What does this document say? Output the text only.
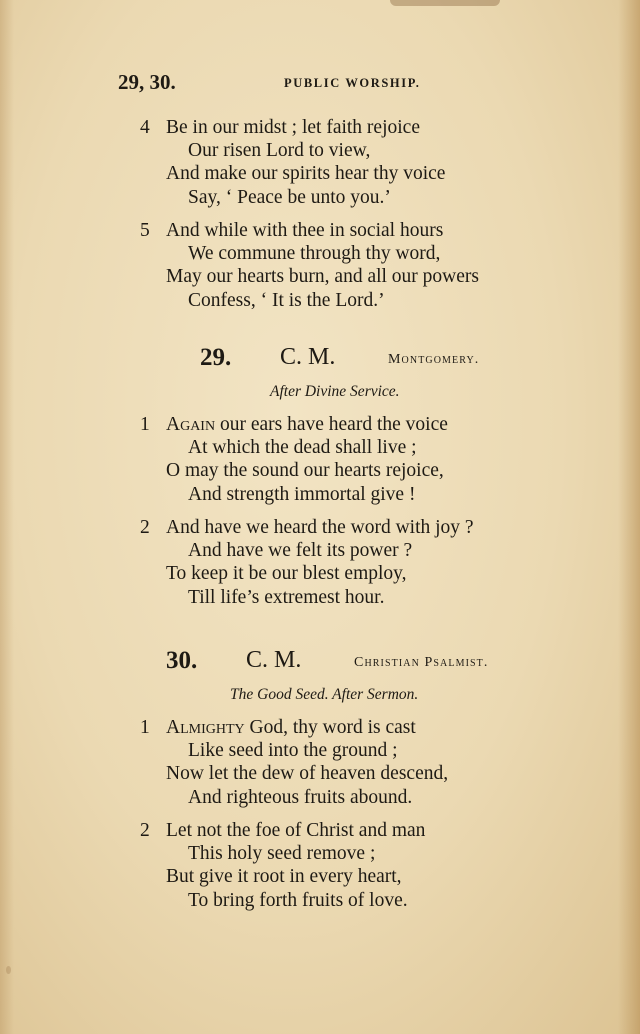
29, 30.	PUBLIC WORSHIP.
4 Be in our midst ; let faith rejoice
Our risen Lord to view,
And make our spirits hear thy voice
Say, ‘ Peace be unto you.’
5 And while with thee in social hours
We commune through thy word,
May our hearts burn, and all our powers
Confess, ‘ It is the Lord.’
29. C. M.	Montgomery.
After Divine Service.
1 Again our ears have heard the voice
At which the dead shall live ;
O may the sound our hearts rejoice,
And strength immortal give !
2 And have we heard the word with joy ?
And have we felt its power ?
To keep it be our blest employ,
Till life’s extremest hour.
30. C. M.	Christian Psalmist.
The Good Seed. After Sermon.
1 Almighty God, thy word is cast
Like seed into the ground ;
Now let the dew of heaven descend,
And righteous fruits abound.
2 Let not the foe of Christ and man
This holy seed remove ;
But give it root in every heart,
To bring forth fruits of love.
